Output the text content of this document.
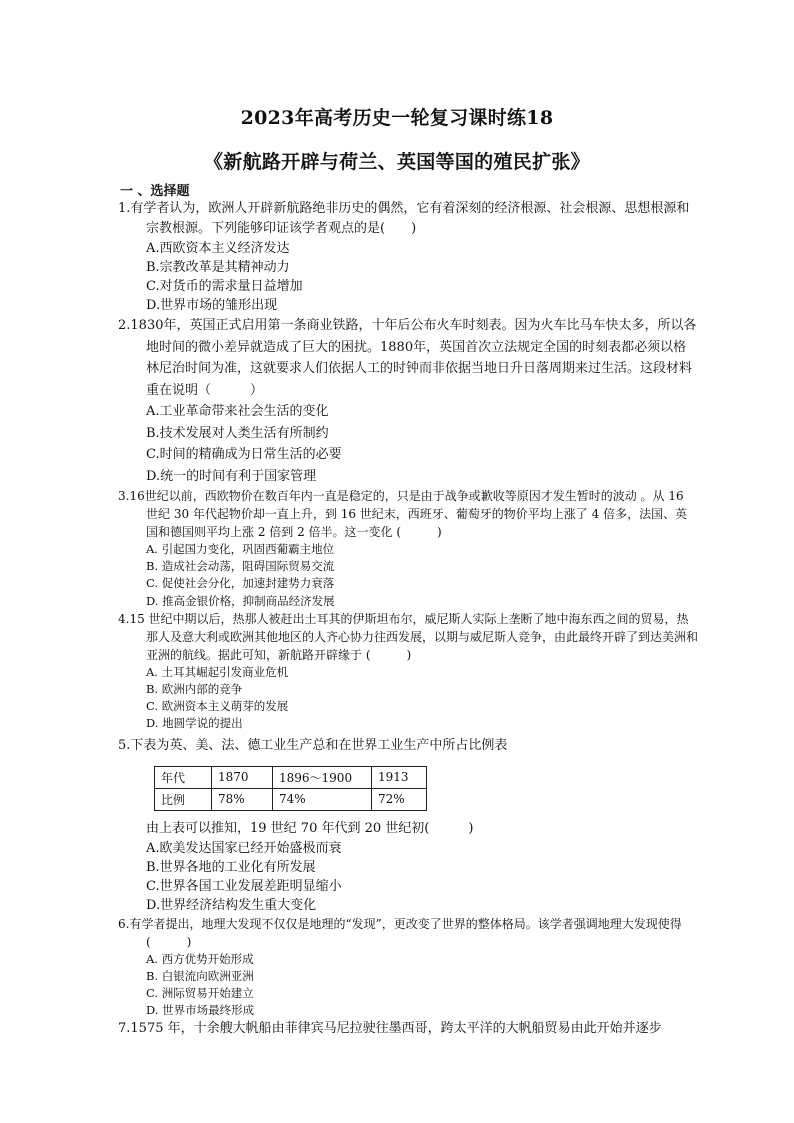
2023年高考历史一轮复习课时练18
《新航路开辟与荷兰、英国等国的殖民扩张》
一 、选择题
1.有学者认为，欧洲人开辟新航路绝非历史的偶然，它有着深刻的经济根源、社会根源、思想根源和宗教根源。下列能够印证该学者观点的是(　　)
A.西欧资本主义经济发达
B.宗教改革是其精神动力
C.对货币的需求量日益增加
D.世界市场的雏形出现
2.1830年，英国正式启用第一条商业铁路，十年后公布火车时刻表。因为火车比马车快太多，所以各地时间的微小差异就造成了巨大的困扰。1880年，英国首次立法规定全国的时刻表都必须以格林尼治时间为准，这就要求人们依据人工的时钟而非依据当地日升日落周期来过生活。这段材料重在说明（　　　）
A.工业革命带来社会生活的变化
B.技术发展对人类生活有所制约
C.时间的精确成为日常生活的必要
D.统一的时间有利于国家管理
3.16世纪以前，西欧物价在数百年内一直是稳定的，只是由于战争或歉收等原因才发生暂时的波动 。从 16 世纪 30 年代起物价却一直上升，到 16 世纪末，西班牙、葡萄牙的物价平均上涨了 4 倍多，法国、英国和德国则平均上涨 2 倍到 2 倍半。这一变化 (　　　)
A. 引起国力变化，巩固西葡霸主地位
B. 造成社会动荡，阻碍国际贸易交流
C. 促使社会分化，加速封建势力衰落
D. 推高金银价格，抑制商品经济发展
4.15 世纪中期以后，热那人被赶出土耳其的伊斯坦布尔，威尼斯人实际上垄断了地中海东西之间的贸易，热那人及意大利或欧洲其他地区的人齐心协力往西发展，以期与威尼斯人竞争，由此最终开辟了到达美洲和亚洲的航线。据此可知，新航路开辟缘于 (　　　)
A. 土耳其崛起引发商业危机
B. 欧洲内部的竞争
C. 欧洲资本主义萌芽的发展
D. 地圆学说的提出
5.下表为英、美、法、德工业生产总和在世界工业生产中所占比例表
年代	1870	1896～1900	1913
比例	78%	74%	72%
由上表可以推知，19 世纪 70 年代到 20 世纪初(　　　)
A.欧美发达国家已经开始盛极而衰
B.世界各地的工业化有所发展
C.世界各国工业发展差距明显缩小
D.世界经济结构发生重大变化
6.有学者提出，地理大发现不仅仅是地理的“发现”，更改变了世界的整体格局。该学者强调地理大发现使得 (　　　)
A. 西方优势开始形成
B. 白银流向欧洲亚洲
C. 洲际贸易开始建立
D. 世界市场最终形成
7.1575 年，十余艘大帆船由菲律宾马尼拉驶往墨西哥，跨太平洋的大帆船贸易由此开始并逐步
